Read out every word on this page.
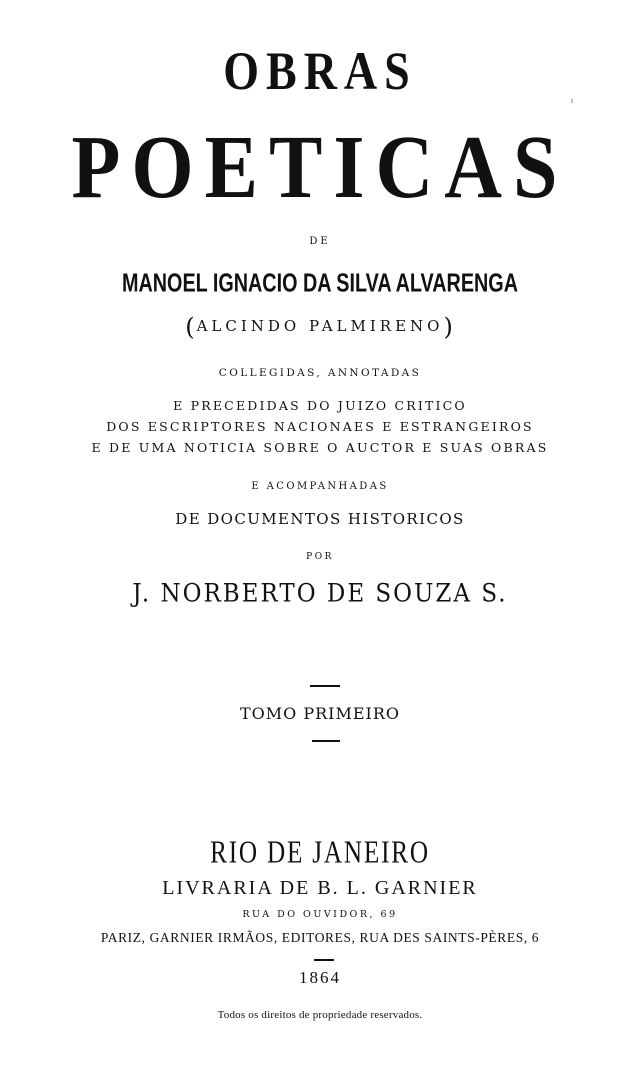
ˀ
OBRAS
POETICAS
DE
MANOEL IGNACIO DA SILVA ALVARENGA
(ALCINDO PALMIRENO)
COLLEGIDAS, ANNOTADAS
E PRECEDIDAS DO JUIZO CRITICO
DOS ESCRIPTORES NACIONAES E ESTRANGEIROS
E DE UMA NOTICIA SOBRE O AUCTOR E SUAS OBRAS
E ACOMPANHADAS
DE DOCUMENTOS HISTORICOS
POR
J. NORBERTO DE SOUZA S.
TOMO PRIMEIRO
RIO DE JANEIRO
LIVRARIA DE B. L. GARNIER
RUA DO OUVIDOR, 69
PARIZ, GARNIER IRMÃOS, EDITORES, RUA DES SAINTS-PÈRES, 6
1864
Todos os direitos de propriedade reservados.
